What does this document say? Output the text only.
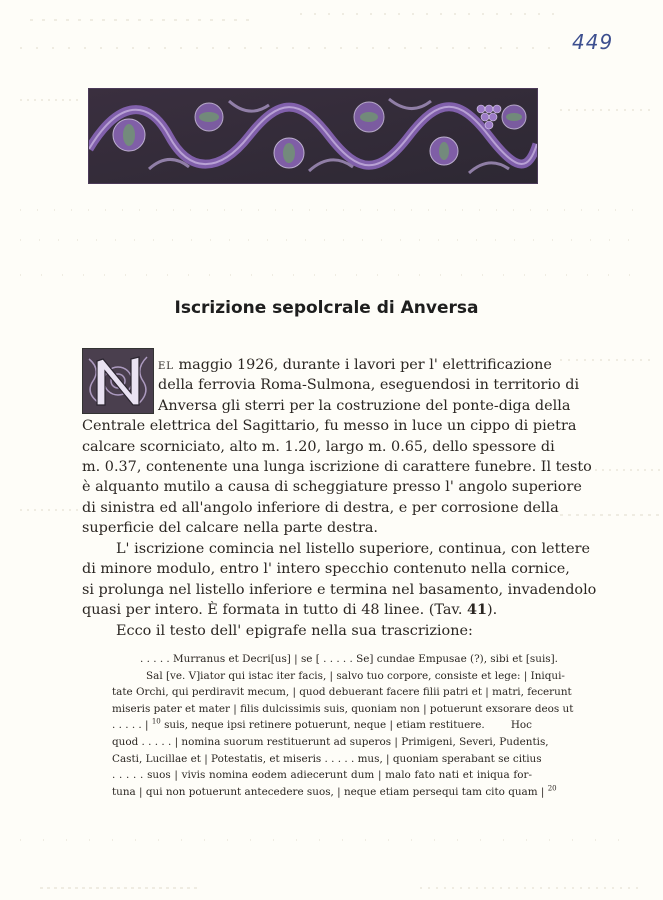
449
Iscrizione sepolcrale di Anversa
EL maggio 1926, durante i lavori per l' elettrificazione
della ferrovia Roma-Sulmona, eseguendosi in territorio di
Anversa gli sterri per la costruzione del ponte-diga della
Centrale elettrica del Sagittario, fu messo in luce un cippo di pietra
calcare scorniciato, alto m. 1.20, largo m. 0.65, dello spessore di
m. 0.37, contenente una lunga iscrizione di carattere funebre. Il testo
è alquanto mutilo a causa di scheggiature presso l' angolo superiore
di sinistra ed all'angolo inferiore di destra, e per corrosione della
superficie del calcare nella parte destra.
L' iscrizione comincia nel listello superiore, continua, con lettere
di minore modulo, entro l' intero specchio contenuto nella cornice,
si prolunga nel listello inferiore e termina nel basamento, invadendolo
quasi per intero. È formata in tutto di 48 linee. (Tav. 41).
Ecco il testo dell' epigrafe nella sua trascrizione:
. . . . . Murranus et Decri[us] | se [ . . . . . Se] cundae Empusae (?), sibi et [suis].
Sal [ve. V]iator qui istac iter facis, | salvo tuo corpore, consiste et lege: | Iniqui-
tate Orchi, qui perdiravit mecum, | quod debuerant facere filii patri et | matri, fecerunt
miseris pater et mater | filis dulcissimis suis, quoniam non | potuerunt exsorare deos ut
. . . . . | $^{10}$ suis, neque ipsi retinere potuerunt, neque | etiam restituere.	Hoc
quod . . . . . | nomina suorum restituerunt ad superos | Primigeni, Severi, Pudentis,
Casti, Lucillae et | Potestatis, et miseris . . . . . mus, | quoniam sperabant se citius
. . . . . suos | vivis nomina eodem adiecerunt dum | malo fato nati et iniqua for-
tuna | qui non potuerunt antecedere suos, | neque etiam persequi tam cito quam | $^{20}$
